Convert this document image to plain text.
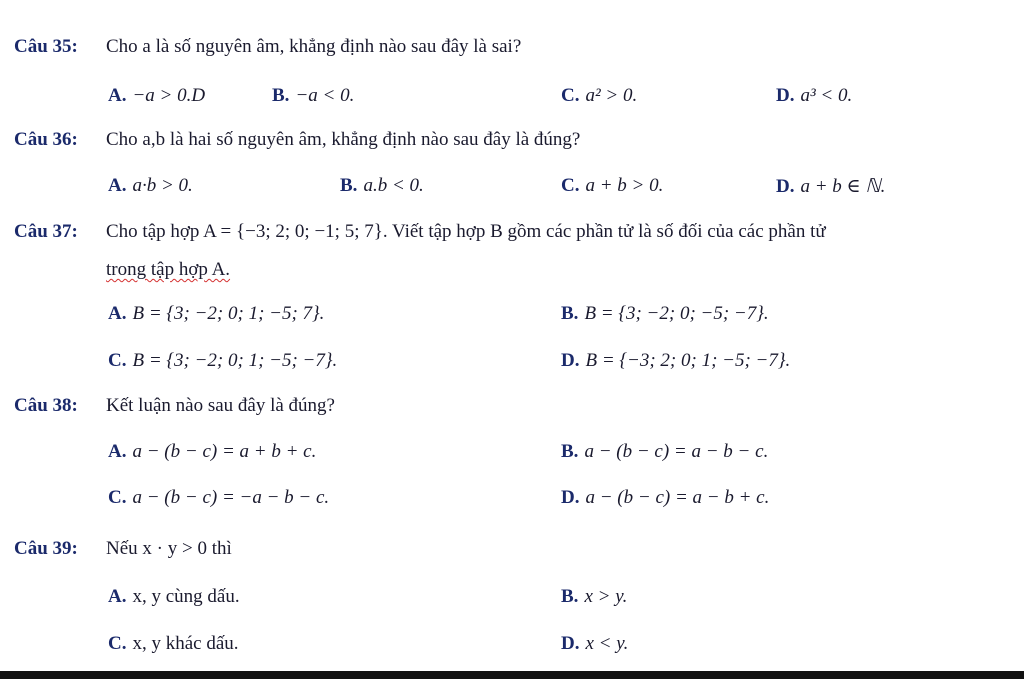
Câu 35: Cho a là số nguyên âm, khẳng định nào sau đây là sai?
A. −a > 0.D	B. −a < 0.	C. a² > 0.	D. a³ < 0.
Câu 36: Cho a,b là hai số nguyên âm, khẳng định nào sau đây là đúng?
A. a·b > 0.	B. a.b < 0.	C. a + b > 0.	D. a + b ∈ ℕ.
Câu 37: Cho tập hợp A = {−3; 2; 0; −1; 5; 7}. Viết tập hợp B gồm các phần tử là số đối của các phần tử
trong tập hợp A.
A. B = {3; −2; 0; 1; −5; 7}.	B. B = {3; −2; 0; −5; −7}.
C. B = {3; −2; 0; 1; −5; −7}.	D. B = {−3; 2; 0; 1; −5; −7}.
Câu 38: Kết luận nào sau đây là đúng?
A. a − (b − c) = a + b + c.	B. a − (b − c) = a − b − c.
C. a − (b − c) = −a − b − c.	D. a − (b − c) = a − b + c.
Câu 39: Nếu x · y > 0 thì
A. x, y cùng dấu.	B. x > y.
C. x, y khác dấu.	D. x < y.
